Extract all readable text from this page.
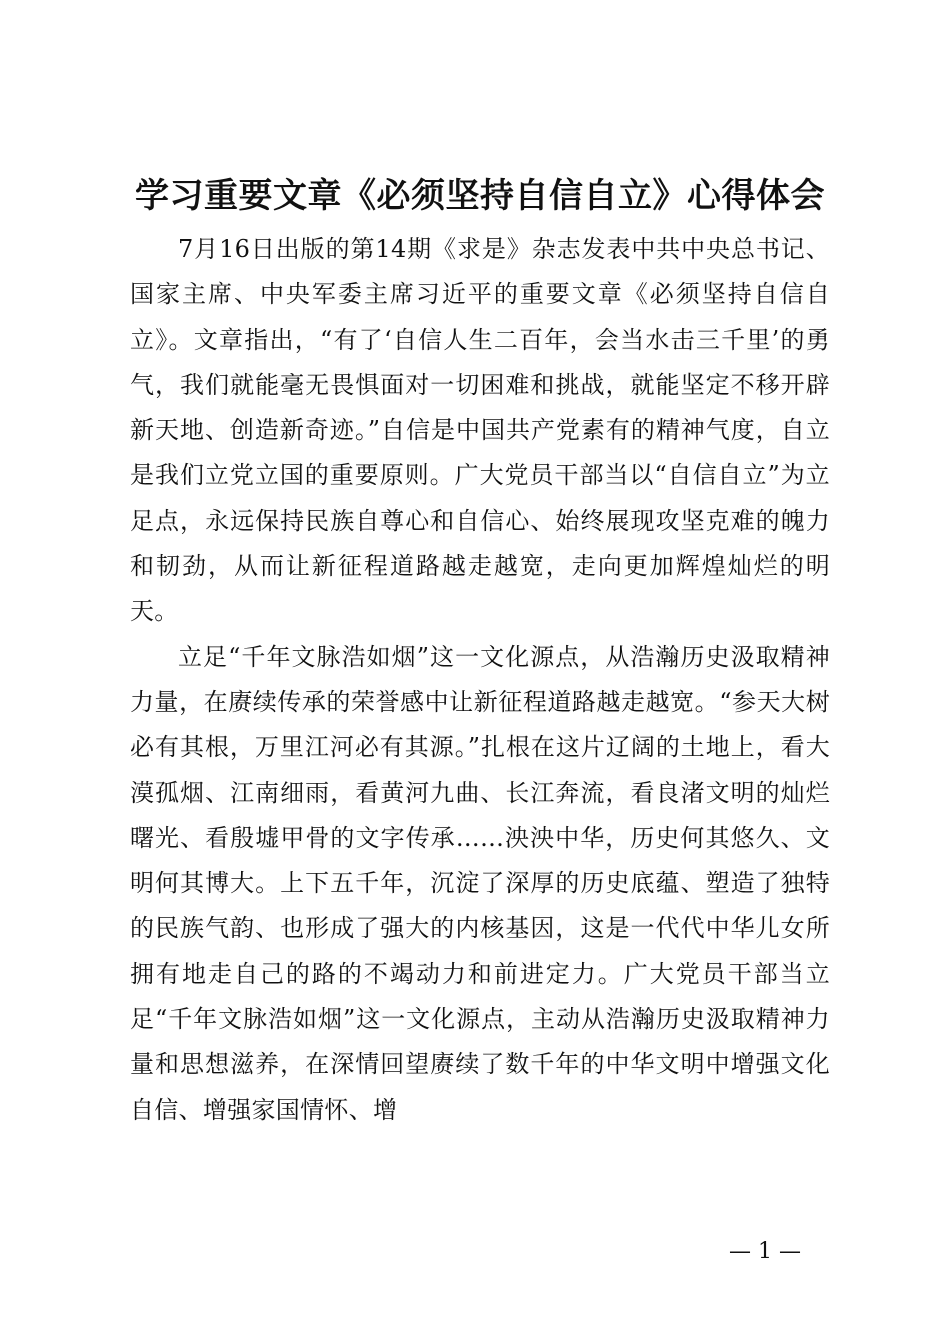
学习重要文章《必须坚持自信自立》心得体会

7月16日出版的第14期《求是》杂志发表中共中央总书记、国家主席、中央军委主席习近平的重要文章《必须坚持自信自立》。文章指出，“有了‘自信人生二百年，会当水击三千里’的勇气，我们就能毫无畏惧面对一切困难和挑战，就能坚定不移开辟新天地、创造新奇迹。”自信是中国共产党素有的精神气度，自立是我们立党立国的重要原则。广大党员干部当以“自信自立”为立足点，永远保持民族自尊心和自信心、始终展现攻坚克难的魄力和韧劲，从而让新征程道路越走越宽，走向更加辉煌灿烂的明天。

立足“千年文脉浩如烟”这一文化源点，从浩瀚历史汲取精神力量，在赓续传承的荣誉感中让新征程道路越走越宽。“参天大树必有其根，万里江河必有其源。”扎根在这片辽阔的土地上，看大漠孤烟、江南细雨，看黄河九曲、长江奔流，看良渚文明的灿烂曙光、看殷墟甲骨的文字传承……泱泱中华，历史何其悠久、文明何其博大。上下五千年，沉淀了深厚的历史底蕴、塑造了独特的民族气韵、也形成了强大的内核基因，这是一代代中华儿女所拥有地走自己的路的不竭动力和前进定力。广大党员干部当立足“千年文脉浩如烟”这一文化源点，主动从浩瀚历史汲取精神力量和思想滋养，在深情回望赓续了数千年的中华文明中增强文化自信、增强家国情怀、增

— 1 —
